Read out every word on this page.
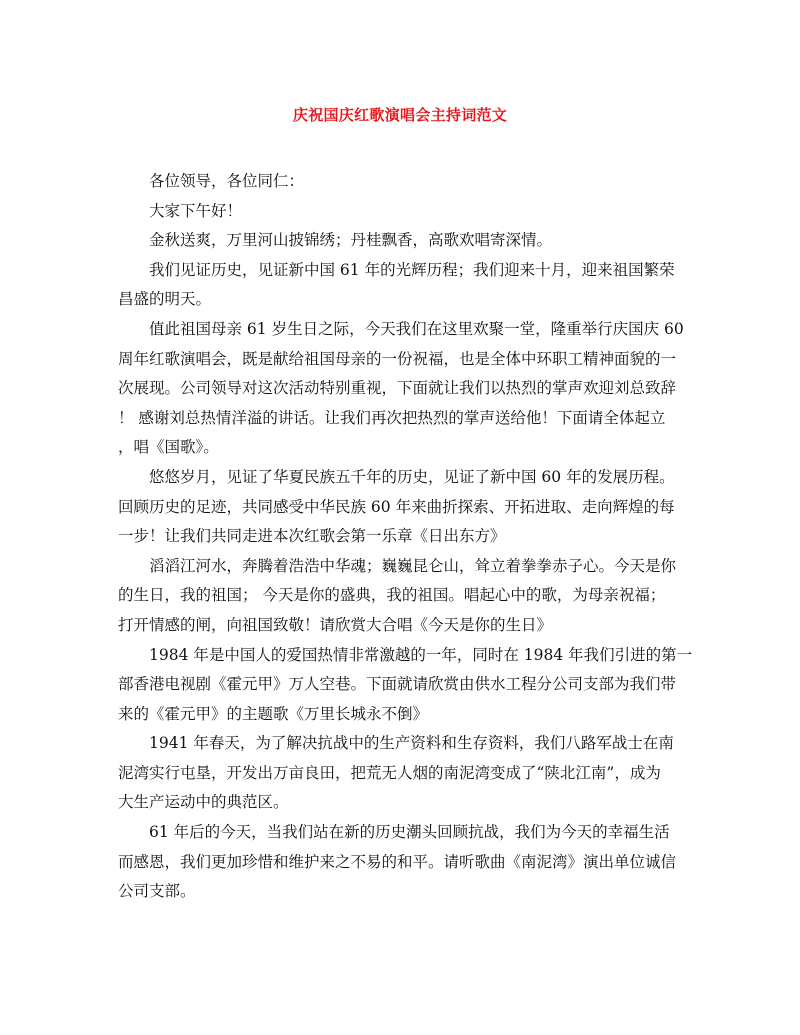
庆祝国庆红歌演唱会主持词范文

各位领导，各位同仁：

大家下午好！

金秋送爽，万里河山披锦绣；丹桂飘香，高歌欢唱寄深情。

我们见证历史，见证新中国 61 年的光辉历程；我们迎来十月，迎来祖国繁荣
昌盛的明天。

值此祖国母亲 61 岁生日之际，今天我们在这里欢聚一堂，隆重举行庆国庆 60
周年红歌演唱会，既是献给祖国母亲的一份祝福，也是全体中环职工精神面貌的一
次展现。公司领导对这次活动特别重视，下面就让我们以热烈的掌声欢迎刘总致辞
！ 感谢刘总热情洋溢的讲话。让我们再次把热烈的掌声送给他！下面请全体起立
，唱《国歌》。

悠悠岁月，见证了华夏民族五千年的历史，见证了新中国 60 年的发展历程。
回顾历史的足迹，共同感受中华民族 60 年来曲折探索、开拓进取、走向辉煌的每
一步！让我们共同走进本次红歌会第一乐章《日出东方》

滔滔江河水，奔腾着浩浩中华魂；巍巍昆仑山，耸立着拳拳赤子心。今天是你
的生日，我的祖国； 今天是你的盛典，我的祖国。唱起心中的歌，为母亲祝福；
打开情感的闸，向祖国致敬！请欣赏大合唱《今天是你的生日》

1984 年是中国人的爱国热情非常激越的一年，同时在 1984 年我们引进的第一
部香港电视剧《霍元甲》万人空巷。下面就请欣赏由供水工程分公司支部为我们带
来的《霍元甲》的主题歌《万里长城永不倒》

1941 年春天，为了解决抗战中的生产资料和生存资料，我们八路军战士在南
泥湾实行屯垦，开发出万亩良田，把荒无人烟的南泥湾变成了“陕北江南”，成为
大生产运动中的典范区。

61 年后的今天，当我们站在新的历史潮头回顾抗战，我们为今天的幸福生活
而感恩，我们更加珍惜和维护来之不易的和平。请听歌曲《南泥湾》演出单位诚信
公司支部。
